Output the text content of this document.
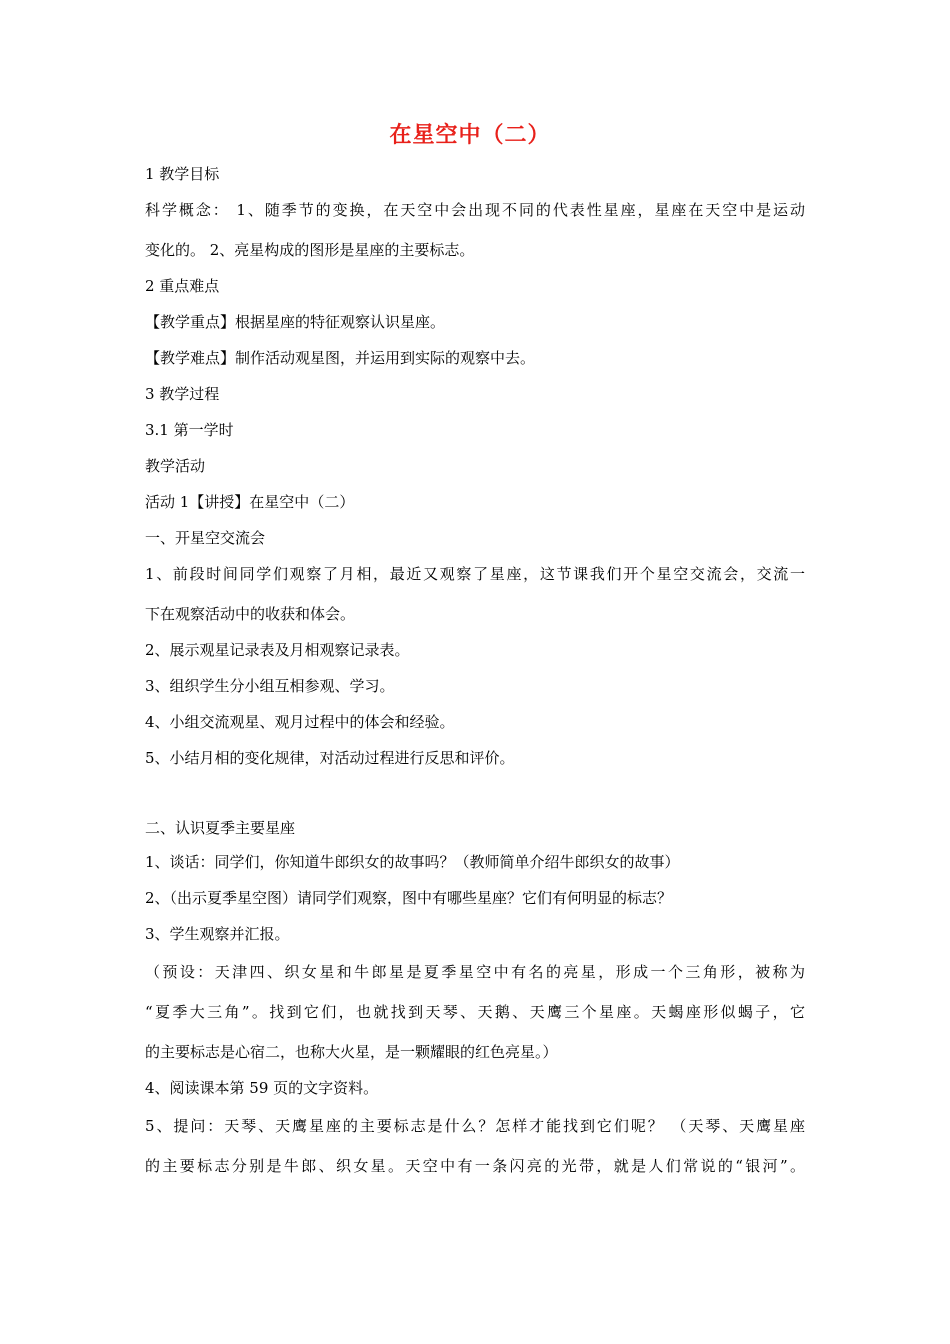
在星空中（二）
1 教学目标
科学概念： 1、随季节的变换，在天空中会出现不同的代表性星座，星座在天空中是运动
变化的。 2、亮星构成的图形是星座的主要标志。
2 重点难点
【教学重点】根据星座的特征观察认识星座。
【教学难点】制作活动观星图，并运用到实际的观察中去。
3 教学过程
3.1 第一学时
教学活动
活动 1【讲授】在星空中（二）
一、开星空交流会
1、前段时间同学们观察了月相，最近又观察了星座，这节课我们开个星空交流会，交流一
下在观察活动中的收获和体会。
2、展示观星记录表及月相观察记录表。
3、组织学生分小组互相参观、学习。
4、小组交流观星、观月过程中的体会和经验。
5、小结月相的变化规律，对活动过程进行反思和评价。
二、认识夏季主要星座
1、谈话：同学们，你知道牛郎织女的故事吗？（教师简单介绍牛郎织女的故事）
2、（出示夏季星空图）请同学们观察，图中有哪些星座？它们有何明显的标志？
3、学生观察并汇报。
（预设：天津四、织女星和牛郎星是夏季星空中有名的亮星，形成一个三角形，被称为
“夏季大三角”。找到它们，也就找到天琴、天鹅、天鹰三个星座。天蝎座形似蝎子，它
的主要标志是心宿二，也称大火星，是一颗耀眼的红色亮星。）
4、阅读课本第 59 页的文字资料。
5、提问：天琴、天鹰星座的主要标志是什么？怎样才能找到它们呢？ （天琴、天鹰星座
的主要标志分别是牛郎、织女星。天空中有一条闪亮的光带，就是人们常说的“银河”。
